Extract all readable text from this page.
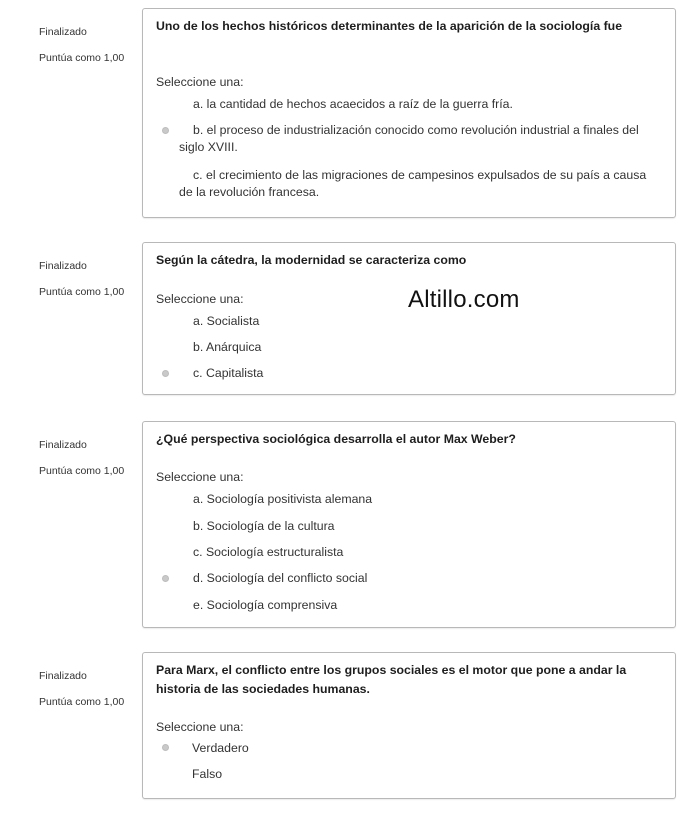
Finalizado
Puntúa como 1,00
Uno de los hechos históricos determinantes de la aparición de la sociología fue
Seleccione una:
a. la cantidad de hechos acaecidos a raíz de la guerra fría.
b. el proceso de industrialización conocido como revolución industrial a finales del siglo XVIII.
c. el crecimiento de las migraciones de campesinos expulsados de su país a causa de la revolución francesa.
Finalizado
Puntúa como 1,00
Según la cátedra, la modernidad se caracteriza como
Seleccione una:
a. Socialista
b. Anárquica
c. Capitalista
Finalizado
Puntúa como 1,00
¿Qué perspectiva sociológica desarrolla el autor Max Weber?
Seleccione una:
a. Sociología positivista alemana
b. Sociología de la cultura
c. Sociología estructuralista
d. Sociología del conflicto social
e. Sociología comprensiva
Finalizado
Puntúa como 1,00
Para Marx, el conflicto entre los grupos sociales es el motor que pone a andar la historia de las sociedades humanas.
Seleccione una:
Verdadero
Falso
Altillo.com
